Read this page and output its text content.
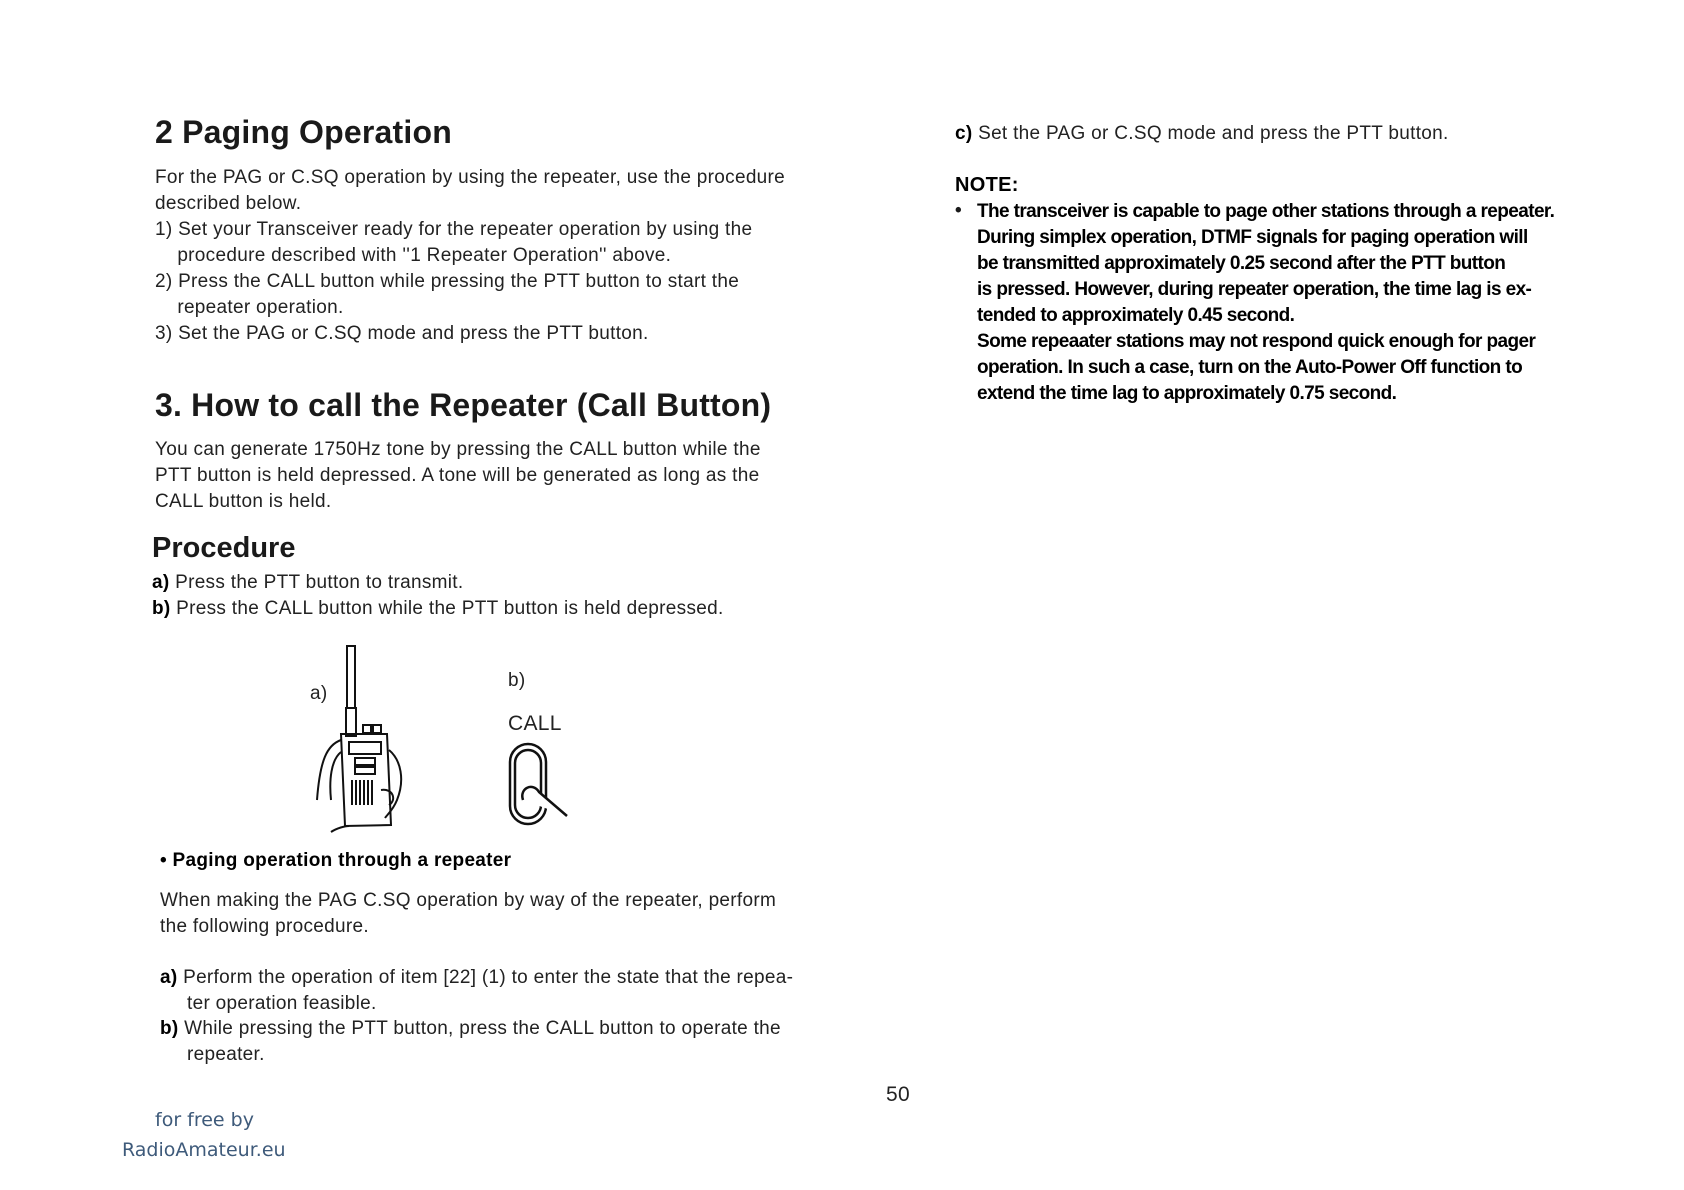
2 Paging Operation
For the PAG or C.SQ operation by using the repeater, use the procedure
described below.
1) Set your Transceiver ready for the repeater operation by using the
procedure described with ''1 Repeater Operation'' above.
2) Press the CALL button while pressing the PTT button to start the
repeater operation.
3) Set the PAG or C.SQ mode and press the PTT button.
3. How to call the Repeater (Call Button)
You can generate 1750Hz tone by pressing the CALL button while the
PTT button is held depressed. A tone will be generated as long as the
CALL button is held.
Procedure
a) Press the PTT button to transmit.
b) Press the CALL button while the PTT button is held depressed.
a)
b)
CALL
• Paging operation through a repeater
When making the PAG C.SQ operation by way of the repeater, perform
the following procedure.
a) Perform the operation of item [22] (1) to enter the state that the repea-
ter operation feasible.
b) While pressing the PTT button, press the CALL button to operate the
repeater.
c) Set the PAG or C.SQ mode and press the PTT button.
NOTE:
• The transceiver is capable to page other stations through a repeater.
During simplex operation, DTMF signals for paging operation will
be transmitted approximately 0.25 second after the PTT button
is pressed. However, during repeater operation, the time lag is ex-
tended to approximately 0.45 second.
Some repeaater stations may not respond quick enough for pager
operation. In such a case, turn on the Auto-Power Off function to
extend the time lag to approximately 0.75 second.
50
for free by
RadioAmateur.eu
